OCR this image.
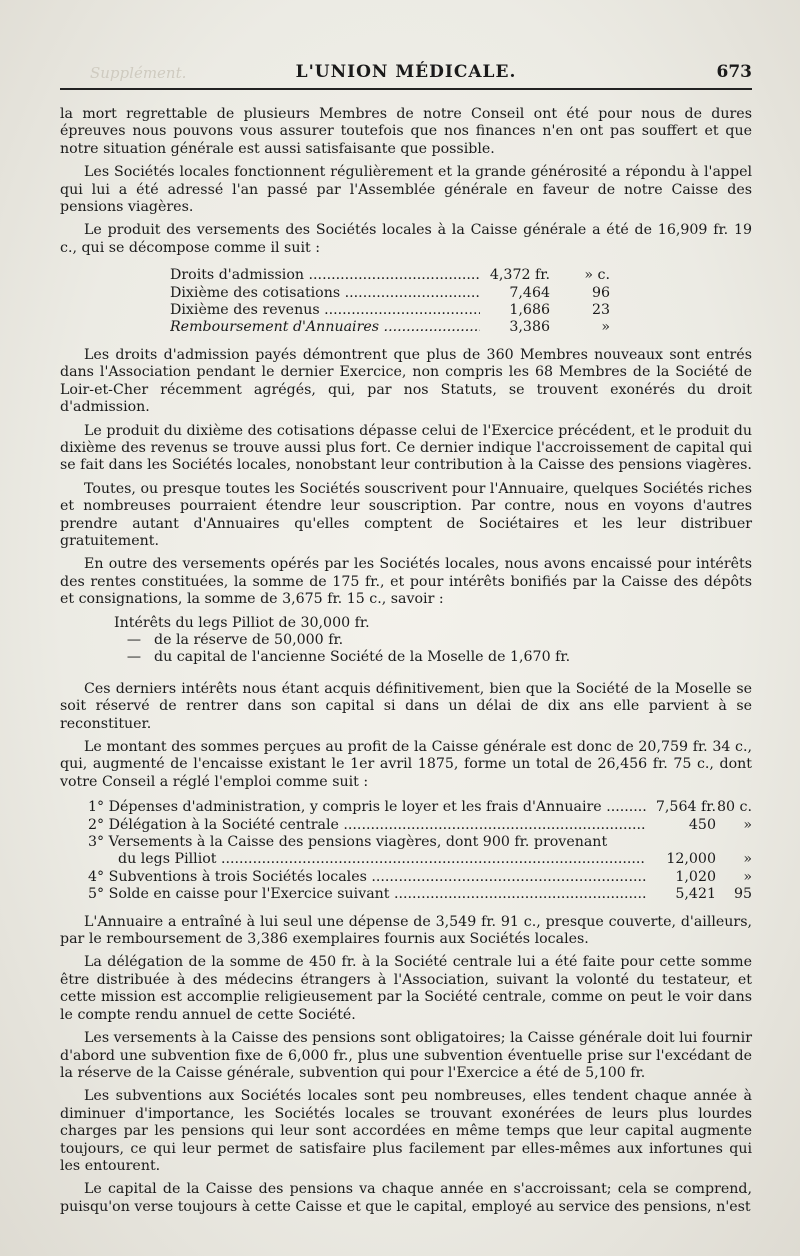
Supplément.	L'UNION MÉDICALE.	673

la mort regrettable de plusieurs Membres de notre Conseil ont été pour nous de dures épreuves nous pouvons vous assurer toutefois que nos finances n'en ont pas souffert et que notre situation générale est aussi satisfaisante que possible.

Les Sociétés locales fonctionnent régulièrement et la grande générosité a répondu à l'appel qui lui a été adressé l'an passé par l'Assemblée générale en faveur de notre Caisse des pensions viagères.

Le produit des versements des Sociétés locales à la Caisse générale a été de 16,909 fr. 19 c., qui se décompose comme il suit :

Droits d'admission .....	4,372 fr.	» c.
Dixième des cotisations .....	7,464	96
Dixième des revenus .....	1,686	23
Remboursement d'Annuaires .....	3,386	»

Les droits d'admission payés démontrent que plus de 360 Membres nouveaux sont entrés dans l'Association pendant le dernier Exercice, non compris les 68 Membres de la Société de Loir-et-Cher récemment agrégés, qui, par nos Statuts, se trouvent exonérés du droit d'admission.

Le produit du dixième des cotisations dépasse celui de l'Exercice précédent, et le produit du dixième des revenus se trouve aussi plus fort. Ce dernier indique l'accroissement de capital qui se fait dans les Sociétés locales, nonobstant leur contribution à la Caisse des pensions viagères.

Toutes, ou presque toutes les Sociétés souscrivent pour l'Annuaire, quelques Sociétés riches et nombreuses pourraient étendre leur souscription. Par contre, nous en voyons d'autres prendre autant d'Annuaires qu'elles comptent de Sociétaires et les leur distribuer gratuitement.

En outre des versements opérés par les Sociétés locales, nous avons encaissé pour intérêts des rentes constituées, la somme de 175 fr., et pour intérêts bonifiés par la Caisse des dépôts et consignations, la somme de 3,675 fr. 15 c., savoir :

Intérêts du legs Pilliot de 30,000 fr.
— de la réserve de 50,000 fr.
— du capital de l'ancienne Société de la Moselle de 1,670 fr.

Ces derniers intérêts nous étant acquis définitivement, bien que la Société de la Moselle se soit réservé de rentrer dans son capital si dans un délai de dix ans elle parvient à se reconstituer.

Le montant des sommes perçues au profit de la Caisse générale est donc de 20,759 fr. 34 c., qui, augmenté de l'encaisse existant le 1er avril 1875, forme un total de 26,456 fr. 75 c., dont votre Conseil a réglé l'emploi comme suit :

1° Dépenses d'administration, y compris le loyer et les frais d'Annuaire .....	7,564 fr. 80 c.
2° Délégation à la Société centrale .....	450	»
3° Versements à la Caisse des pensions viagères, dont 900 fr. provenant
du legs Pilliot .....	12,000	»
4° Subventions à trois Sociétés locales .....	1,020	»
5° Solde en caisse pour l'Exercice suivant .....	5,421	95

L'Annuaire a entraîné à lui seul une dépense de 3,549 fr. 91 c., presque couverte, d'ailleurs, par le remboursement de 3,386 exemplaires fournis aux Sociétés locales.

La délégation de la somme de 450 fr. à la Société centrale lui a été faite pour cette somme être distribuée à des médecins étrangers à l'Association, suivant la volonté du testateur, et cette mission est accomplie religieusement par la Société centrale, comme on peut le voir dans le compte rendu annuel de cette Société.

Les versements à la Caisse des pensions sont obligatoires; la Caisse générale doit lui fournir d'abord une subvention fixe de 6,000 fr., plus une subvention éventuelle prise sur l'excédant de la réserve de la Caisse générale, subvention qui pour l'Exercice a été de 5,100 fr.

Les subventions aux Sociétés locales sont peu nombreuses, elles tendent chaque année à diminuer d'importance, les Sociétés locales se trouvant exonérées de leurs plus lourdes charges par les pensions qui leur sont accordées en même temps que leur capital augmente toujours, ce qui leur permet de satisfaire plus facilement par elles-mêmes aux infortunes qui les entourent.

Le capital de la Caisse des pensions va chaque année en s'accroissant; cela se comprend, puisqu'on verse toujours à cette Caisse et que le capital, employé au service des pensions, n'est
